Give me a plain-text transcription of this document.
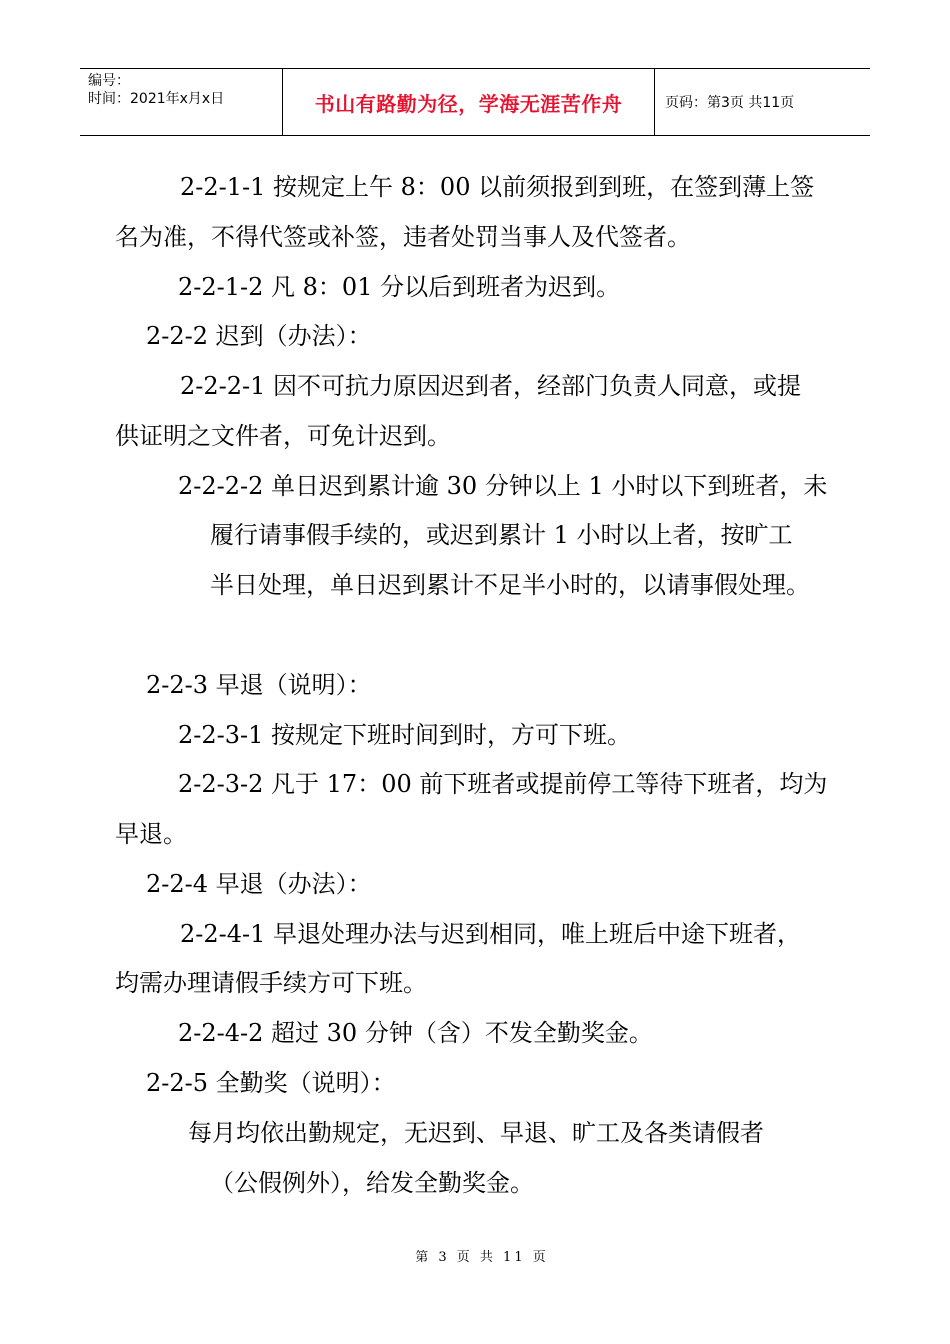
编号：
时间：2021年x月x日	书山有路勤为径，学海无涯苦作舟	页码：第3页 共11页
2-2-1-1 按规定上午 8：00 以前须报到到班，在签到薄上签
名为准，不得代签或补签，违者处罚当事人及代签者。
2-2-1-2 凡 8：01 分以后到班者为迟到。
2-2-2 迟到（办法）：
2-2-2-1 因不可抗力原因迟到者，经部门负责人同意，或提
供证明之文件者，可免计迟到。
2-2-2-2 单日迟到累计逾 30 分钟以上 1 小时以下到班者，未
履行请事假手续的，或迟到累计 1 小时以上者，按旷工
半日处理，单日迟到累计不足半小时的，以请事假处理。
2-2-3 早退（说明）：
2-2-3-1 按规定下班时间到时，方可下班。
2-2-3-2 凡于 17：00 前下班者或提前停工等待下班者，均为
早退。
2-2-4 早退（办法）：
2-2-4-1 早退处理办法与迟到相同，唯上班后中途下班者，
均需办理请假手续方可下班。
2-2-4-2 超过 30 分钟（含）不发全勤奖金。
2-2-5 全勤奖（说明）：
每月均依出勤规定，无迟到、早退、旷工及各类请假者
（公假例外），给发全勤奖金。
第 3 页 共 11 页
